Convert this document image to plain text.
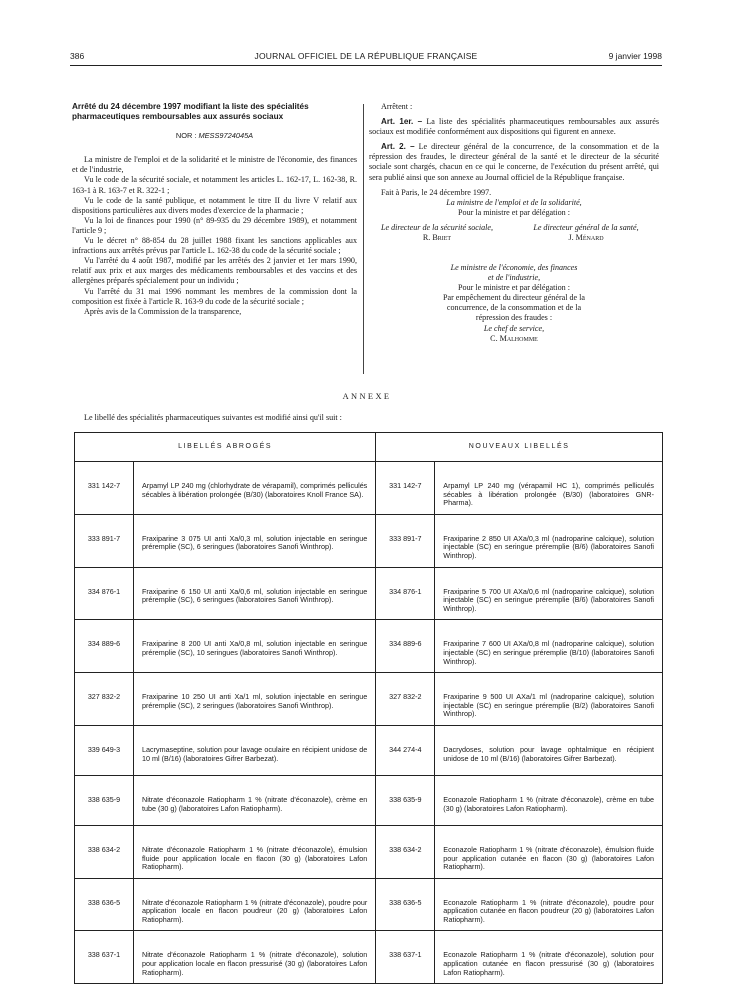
386	JOURNAL OFFICIEL DE LA RÉPUBLIQUE FRANÇAISE	9 janvier 1998
Arrêté du 24 décembre 1997 modifiant la liste des spécialités pharmaceutiques remboursables aux assurés sociaux
NOR : MESS9724045A

La ministre de l'emploi et de la solidarité et le ministre de l'économie, des finances et de l'industrie,

Vu le code de la sécurité sociale, et notamment les articles L. 162-17, L. 162-38, R. 163-1 à R. 163-7 et R. 322-1 ;

Vu le code de la santé publique, et notamment le titre II du livre V relatif aux dispositions particulières aux divers modes d'exercice de la pharmacie ;

Vu la loi de finances pour 1990 (n° 89-935 du 29 décembre 1989), et notamment l'article 9 ;

Vu le décret n° 88-854 du 28 juillet 1988 fixant les sanctions applicables aux infractions aux arrêtés prévus par l'article L. 162-38 du code de la sécurité sociale ;

Vu l'arrêté du 4 août 1987, modifié par les arrêtés des 2 janvier et 1er mars 1990, relatif aux prix et aux marges des médicaments remboursables et des vaccins et des allergènes préparés spécialement pour un individu ;

Vu l'arrêté du 31 mai 1996 nommant les membres de la commission dont la composition est fixée à l'article R. 163-9 du code de la sécurité sociale ;

Après avis de la Commission de la transparence,

Arrêtent :

Art. 1er. – La liste des spécialités pharmaceutiques remboursables aux assurés sociaux est modifiée conformément aux dispositions qui figurent en annexe.

Art. 2. – Le directeur général de la concurrence, de la consommation et de la répression des fraudes, le directeur général de la santé et le directeur de la sécurité sociale sont chargés, chacun en ce qui le concerne, de l'exécution du présent arrêté, qui sera publié ainsi que son annexe au Journal officiel de la République française.

Fait à Paris, le 24 décembre 1997.

La ministre de l'emploi et de la solidarité,

Pour la ministre et par délégation :

Le directeur de la sécurité sociale,
R. Briet
Le directeur général de la santé,
J. Ménard

Le ministre de l'économie, des finances et de l'industrie,

Pour le ministre et par délégation :

Par empêchement du directeur général de la concurrence, de la consommation et de la répression des fraudes :

Le chef de service,

C. Malhomme

ANNEXE
Le libellé des spécialités pharmaceutiques suivantes est modifié ainsi qu'il suit :
LIBELLÉS ABROGÉS		NOUVEAUX LIBELLÉS	
331 142-7	Arpamyl LP 240 mg (chlorhydrate de vérapamil), comprimés pelliculés sécables à libération prolongée (B/30) (laboratoires Knoll France SA).	331 142-7	Arpamyl LP 240 mg (vérapamil HC 1), comprimés pelliculés sécables à libération prolongée (B/30) (laboratoires GNR-Pharma).
333 891-7	Fraxiparine 3 075 UI anti Xa/0,3 ml, solution injectable en seringue préremplie (SC), 6 seringues (laboratoires Sanofi Winthrop).	333 891-7	Fraxiparine 2 850 UI AXa/0,3 ml (nadroparine calcique), solution injectable (SC) en seringue préremplie (B/6) (laboratoires Sanofi Winthrop).
334 876-1	Fraxiparine 6 150 UI anti Xa/0,6 ml, solution injectable en seringue préremplie (SC), 6 seringues (laboratoires Sanofi Winthrop).	334 876-1	Fraxiparine 5 700 UI AXa/0,6 ml (nadroparine calcique), solution injectable (SC) en seringue préremplie (B/6) (laboratoires Sanofi Winthrop).
334 889-6	Fraxiparine 8 200 UI anti Xa/0,8 ml, solution injectable en seringue préremplie (SC), 10 seringues (laboratoires Sanofi Winthrop).	334 889-6	Fraxiparine 7 600 UI AXa/0,8 ml (nadroparine calcique), solution injectable (SC) en seringue préremplie (B/10) (laboratoires Sanofi Winthrop).
327 832-2	Fraxiparine 10 250 UI anti Xa/1 ml, solution injectable en seringue préremplie (SC), 2 seringues (laboratoires Sanofi Winthrop).	327 832-2	Fraxiparine 9 500 UI AXa/1 ml (nadroparine calcique), solution injectable (SC) en seringue préremplie (B/2) (laboratoires Sanofi Winthrop).
339 649-3	Lacrymaseptine, solution pour lavage oculaire en récipient unidose de 10 ml (B/16) (laboratoires Gifrer Barbezat).	344 274-4	Dacrydoses, solution pour lavage ophtalmique en récipient unidose de 10 ml (B/16) (laboratoires Gifrer Barbezat).
338 635-9	Nitrate d'éconazole Ratiopharm 1 % (nitrate d'éconazole), crème en tube (30 g) (laboratoires Lafon Ratiopharm).	338 635-9	Econazole Ratiopharm 1 % (nitrate d'éconazole), crème en tube (30 g) (laboratoires Lafon Ratiopharm).
338 634-2	Nitrate d'éconazole Ratiopharm 1 % (nitrate d'éconazole), émulsion fluide pour application locale en flacon (30 g) (laboratoires Lafon Ratiopharm).	338 634-2	Econazole Ratiopharm 1 % (nitrate d'éconazole), émulsion fluide pour application cutanée en flacon (30 g) (laboratoires Lafon Ratiopharm).
338 636-5	Nitrate d'éconazole Ratiopharm 1 % (nitrate d'éconazole), poudre pour application locale en flacon poudreur (20 g) (laboratoires Lafon Ratiopharm).	338 636-5	Econazole Ratiopharm 1 % (nitrate d'éconazole), poudre pour application cutanée en flacon poudreur (20 g) (laboratoires Lafon Ratiopharm).
338 637-1	Nitrate d'éconazole Ratiopharm 1 % (nitrate d'éconazole), solution pour application locale en flacon pressurisé (30 g) (laboratoires Lafon Ratiopharm).	338 637-1	Econazole Ratiopharm 1 % (nitrate d'éconazole), solution pour application cutanée en flacon pressurisé (30 g) (laboratoires Lafon Ratiopharm).
